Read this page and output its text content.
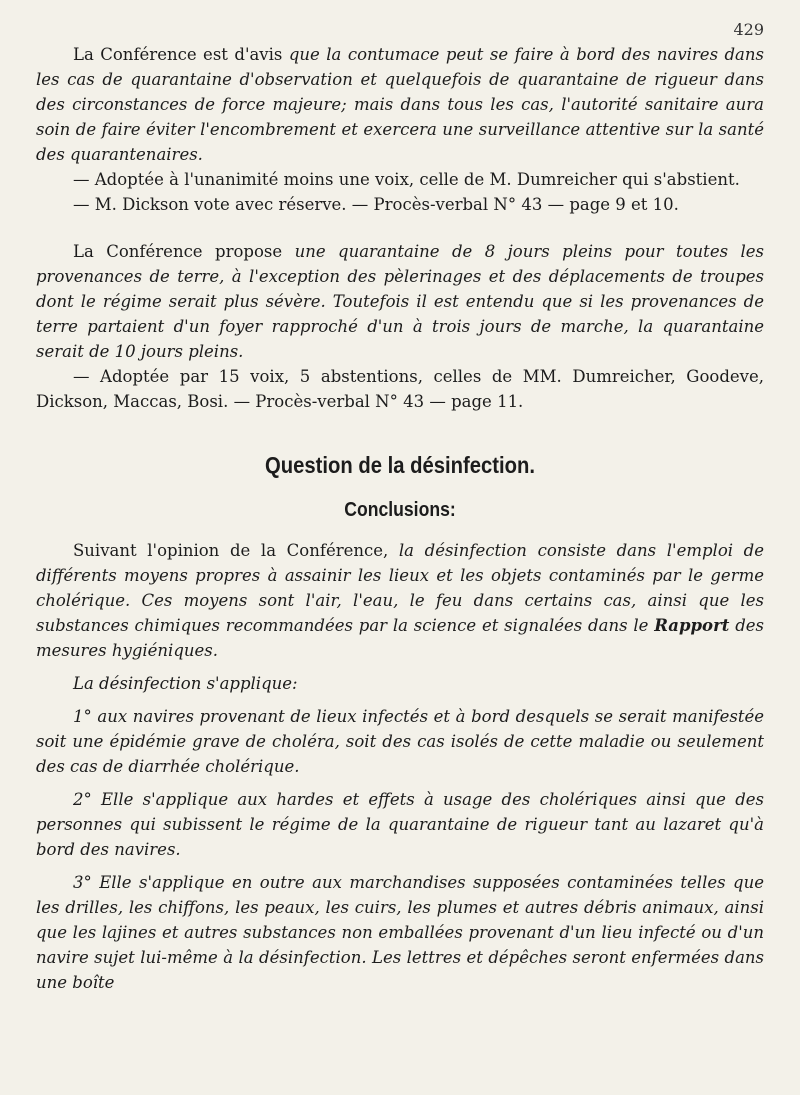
429

La Conférence est d'avis que la contumace peut se faire à bord des navires dans les cas de quarantaine d'observation et quelquefois de quarantaine de rigueur dans des circonstances de force majeure; mais dans tous les cas, l'autorité sanitaire aura soin de faire éviter l'encombrement et exercera une surveillance attentive sur la santé des quarantenaires.

— Adoptée à l'unanimité moins une voix, celle de M. Dumreicher qui s'abstient.

— M. Dickson vote avec réserve. — Procès-verbal N° 43 — page 9 et 10.

La Conférence propose une quarantaine de 8 jours pleins pour toutes les provenances de terre, à l'exception des pèlerinages et des déplacements de troupes dont le régime serait plus sévère. Toutefois il est entendu que si les provenances de terre partaient d'un foyer rapproché d'un à trois jours de marche, la quarantaine serait de 10 jours pleins.

— Adoptée par 15 voix, 5 abstentions, celles de MM. Dumreicher, Goodeve, Dickson, Maccas, Bosi. — Procès-verbal N° 43 — page 11.

Question de la désinfection.
Conclusions:

Suivant l'opinion de la Conférence, la désinfection consiste dans l'emploi de différents moyens propres à assainir les lieux et les objets contaminés par le germe cholérique. Ces moyens sont l'air, l'eau, le feu dans certains cas, ainsi que les substances chimiques recommandées par la science et signalées dans le Rapport des mesures hygiéniques.

La désinfection s'applique:

1° aux navires provenant de lieux infectés et à bord desquels se serait manifestée soit une épidémie grave de choléra, soit des cas isolés de cette maladie ou seulement des cas de diarrhée cholérique.

2° Elle s'applique aux hardes et effets à usage des cholériques ainsi que des personnes qui subissent le régime de la quarantaine de rigueur tant au lazaret qu'à bord des navires.

3° Elle s'applique en outre aux marchandises supposées contaminées telles que les drilles, les chiffons, les peaux, les cuirs, les plumes et autres débris animaux, ainsi que les lajines et autres substances non emballées provenant d'un lieu infecté ou d'un navire sujet lui-même à la désinfection. Les lettres et dépêches seront enfermées dans une boîte
